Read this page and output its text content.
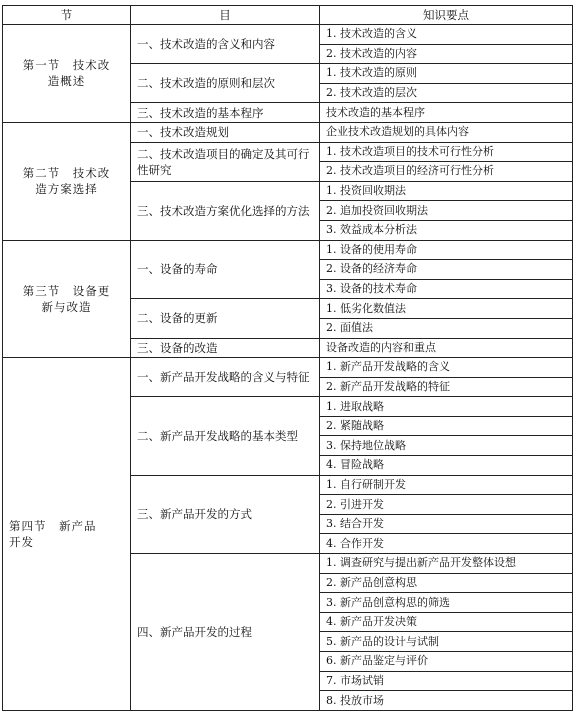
节	目	知识要点

第一节　技术改
造概述	一、技术改造的含义和内容	1. 技术改造的含义
		2. 技术改造的内容
	二、技术改造的原则和层次	1. 技术改造的原则
		2. 技术改造的层次
	三、技术改造的基本程序	技术改造的基本程序

第二节　技术改
造方案选择	一、技术改造规划	企业技术改造规划的具体内容
	二、技术改造项目的确定及其可行性研究	1. 技术改造项目的技术可行性分析
		2. 技术改造项目的经济可行性分析
	三、技术改造方案优化选择的方法	1. 投资回收期法
		2. 追加投资回收期法
		3. 效益成本分析法

第三节　设备更
新与改造	一、设备的寿命	1. 设备的使用寿命
		2. 设备的经济寿命
		3. 设备的技术寿命
	二、设备的更新	1. 低劣化数值法
		2. 面值法
	三、设备的改造	设备改造的内容和重点

第四节　新产品
开发	一、新产品开发战略的含义与特征	1. 新产品开发战略的含义
		2. 新产品开发战略的特征
	二、新产品开发战略的基本类型	1. 进取战略
		2. 紧随战略
		3. 保持地位战略
		4. 冒险战略
	三、新产品开发的方式	1. 自行研制开发
		2. 引进开发
		3. 结合开发
		4. 合作开发
	四、新产品开发的过程	1. 调查研究与提出新产品开发整体设想
		2. 新产品创意构思
		3. 新产品创意构思的筛选
		4. 新产品开发决策
		5. 新产品的设计与试制
		6. 新产品鉴定与评价
		7. 市场试销
		8. 投放市场
